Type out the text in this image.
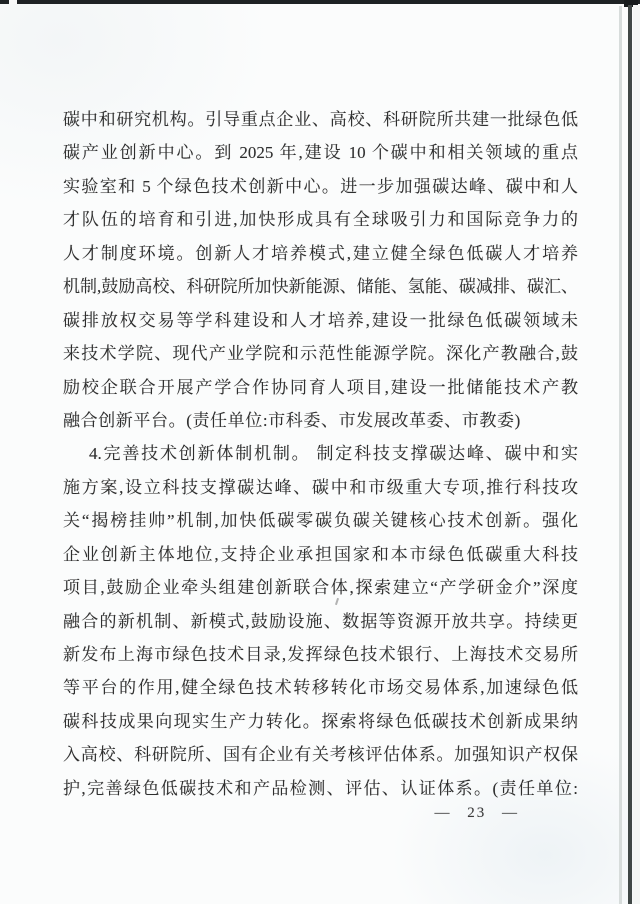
碳中和研究机构。引导重点企业、高校、科研院所共建一批绿色低
碳产业创新中心。到 2025 年,建设 10 个碳中和相关领域的重点
实验室和 5 个绿色技术创新中心。进一步加强碳达峰、碳中和人
才队伍的培育和引进,加快形成具有全球吸引力和国际竞争力的
人才制度环境。创新人才培养模式,建立健全绿色低碳人才培养
机制,鼓励高校、科研院所加快新能源、储能、氢能、碳减排、碳汇、
碳排放权交易等学科建设和人才培养,建设一批绿色低碳领域未
来技术学院、现代产业学院和示范性能源学院。深化产教融合,鼓
励校企联合开展产学合作协同育人项目,建设一批储能技术产教
融合创新平台。(责任单位:市科委、市发展改革委、市教委)
4.完善技术创新体制机制。 制定科技支撑碳达峰、碳中和实
施方案,设立科技支撑碳达峰、碳中和市级重大专项,推行科技攻
关“揭榜挂帅”机制,加快低碳零碳负碳关键核心技术创新。强化
企业创新主体地位,支持企业承担国家和本市绿色低碳重大科技
项目,鼓励企业牵头组建创新联合体,探索建立“产学研金介”深度
融合的新机制、新模式,鼓励设施、数据等资源开放共享。持续更
新发布上海市绿色技术目录,发挥绿色技术银行、上海技术交易所
等平台的作用,健全绿色技术转移转化市场交易体系,加速绿色低
碳科技成果向现实生产力转化。探索将绿色低碳技术创新成果纳
入高校、科研院所、国有企业有关考核评估体系。加强知识产权保
护,完善绿色低碳技术和产品检测、评估、认证体系。(责任单位:
— 23 —
